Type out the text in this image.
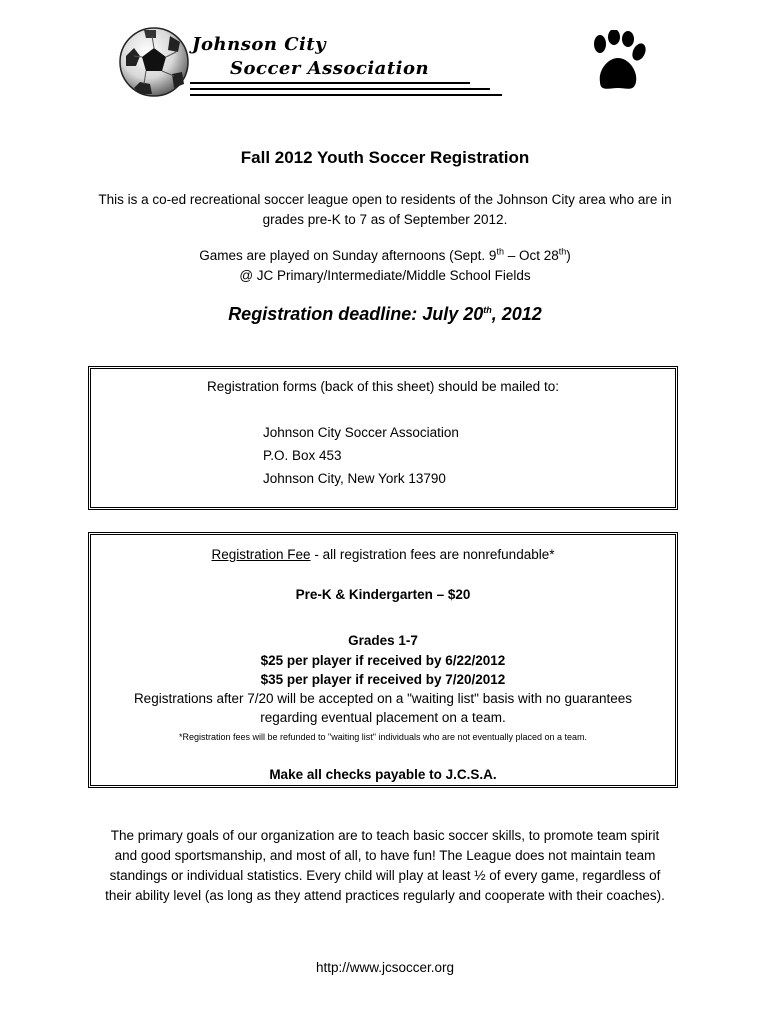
Johnson City
Soccer Association
Fall 2012 Youth Soccer Registration
This is a co-ed recreational soccer league open to residents of the Johnson City area who are in
grades pre-K to 7 as of September 2012.
Games are played on Sunday afternoons (Sept. 9th – Oct 28th)
@ JC Primary/Intermediate/Middle School Fields
Registration deadline: July 20th, 2012
Registration forms (back of this sheet) should be mailed to:
Johnson City Soccer Association
P.O. Box 453
Johnson City, New York 13790
Registration Fee - all registration fees are nonrefundable*
Pre-K & Kindergarten – $20
Grades 1-7
$25 per player if received by 6/22/2012
$35 per player if received by 7/20/2012
Registrations after 7/20 will be accepted on a "waiting list" basis with no guarantees
regarding eventual placement on a team.
*Registration fees will be refunded to "waiting list" individuals who are not eventually placed on a team.
Make all checks payable to J.C.S.A.
The primary goals of our organization are to teach basic soccer skills, to promote team spirit
and good sportsmanship, and most of all, to have fun! The League does not maintain team
standings or individual statistics. Every child will play at least ½ of every game, regardless of
their ability level (as long as they attend practices regularly and cooperate with their coaches).
http://www.jcsoccer.org
